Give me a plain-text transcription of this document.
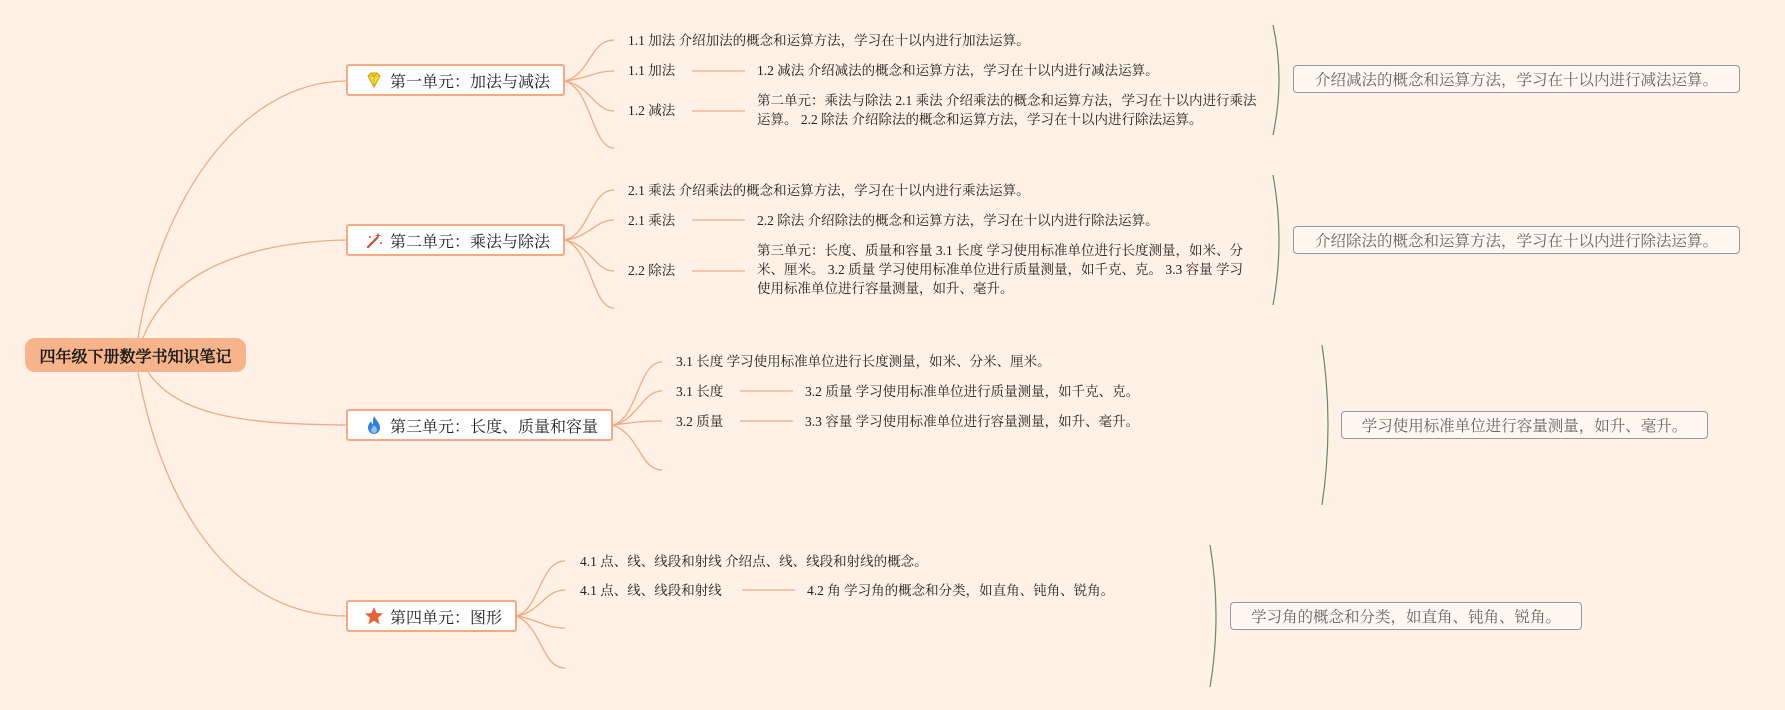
四年级下册数学书知识笔记
第一单元：加法与减法
1.1 加法 介绍加法的概念和运算方法，学习在十以内进行加法运算。
1.1 加法
1.2 减法
1.2 减法 介绍减法的概念和运算方法，学习在十以内进行减法运算。
第二单元：乘法与除法 2.1 乘法 介绍乘法的概念和运算方法，学习在十以内进行乘法运算。 2.2 除法 介绍除法的概念和运算方法，学习在十以内进行除法运算。
介绍减法的概念和运算方法，学习在十以内进行减法运算。
第二单元：乘法与除法
2.1 乘法 介绍乘法的概念和运算方法，学习在十以内进行乘法运算。
2.1 乘法
2.2 除法
2.2 除法 介绍除法的概念和运算方法，学习在十以内进行除法运算。
第三单元：长度、质量和容量 3.1 长度 学习使用标准单位进行长度测量，如米、分米、厘米。 3.2 质量 学习使用标准单位进行质量测量，如千克、克。 3.3 容量 学习使用标准单位进行容量测量，如升、毫升。
介绍除法的概念和运算方法，学习在十以内进行除法运算。
第三单元：长度、质量和容量
3.1 长度 学习使用标准单位进行长度测量，如米、分米、厘米。
3.1 长度
3.2 质量
3.2 质量 学习使用标准单位进行质量测量，如千克、克。
3.3 容量 学习使用标准单位进行容量测量，如升、毫升。	学习使用标准单位进行容量测量，如升、毫升。
第四单元：图形
4.1 点、线、线段和射线 介绍点、线、线段和射线的概念。
4.1 点、线、线段和射线	4.2 角 学习角的概念和分类，如直角、钝角、锐角。
学习角的概念和分类，如直角、钝角、锐角。
